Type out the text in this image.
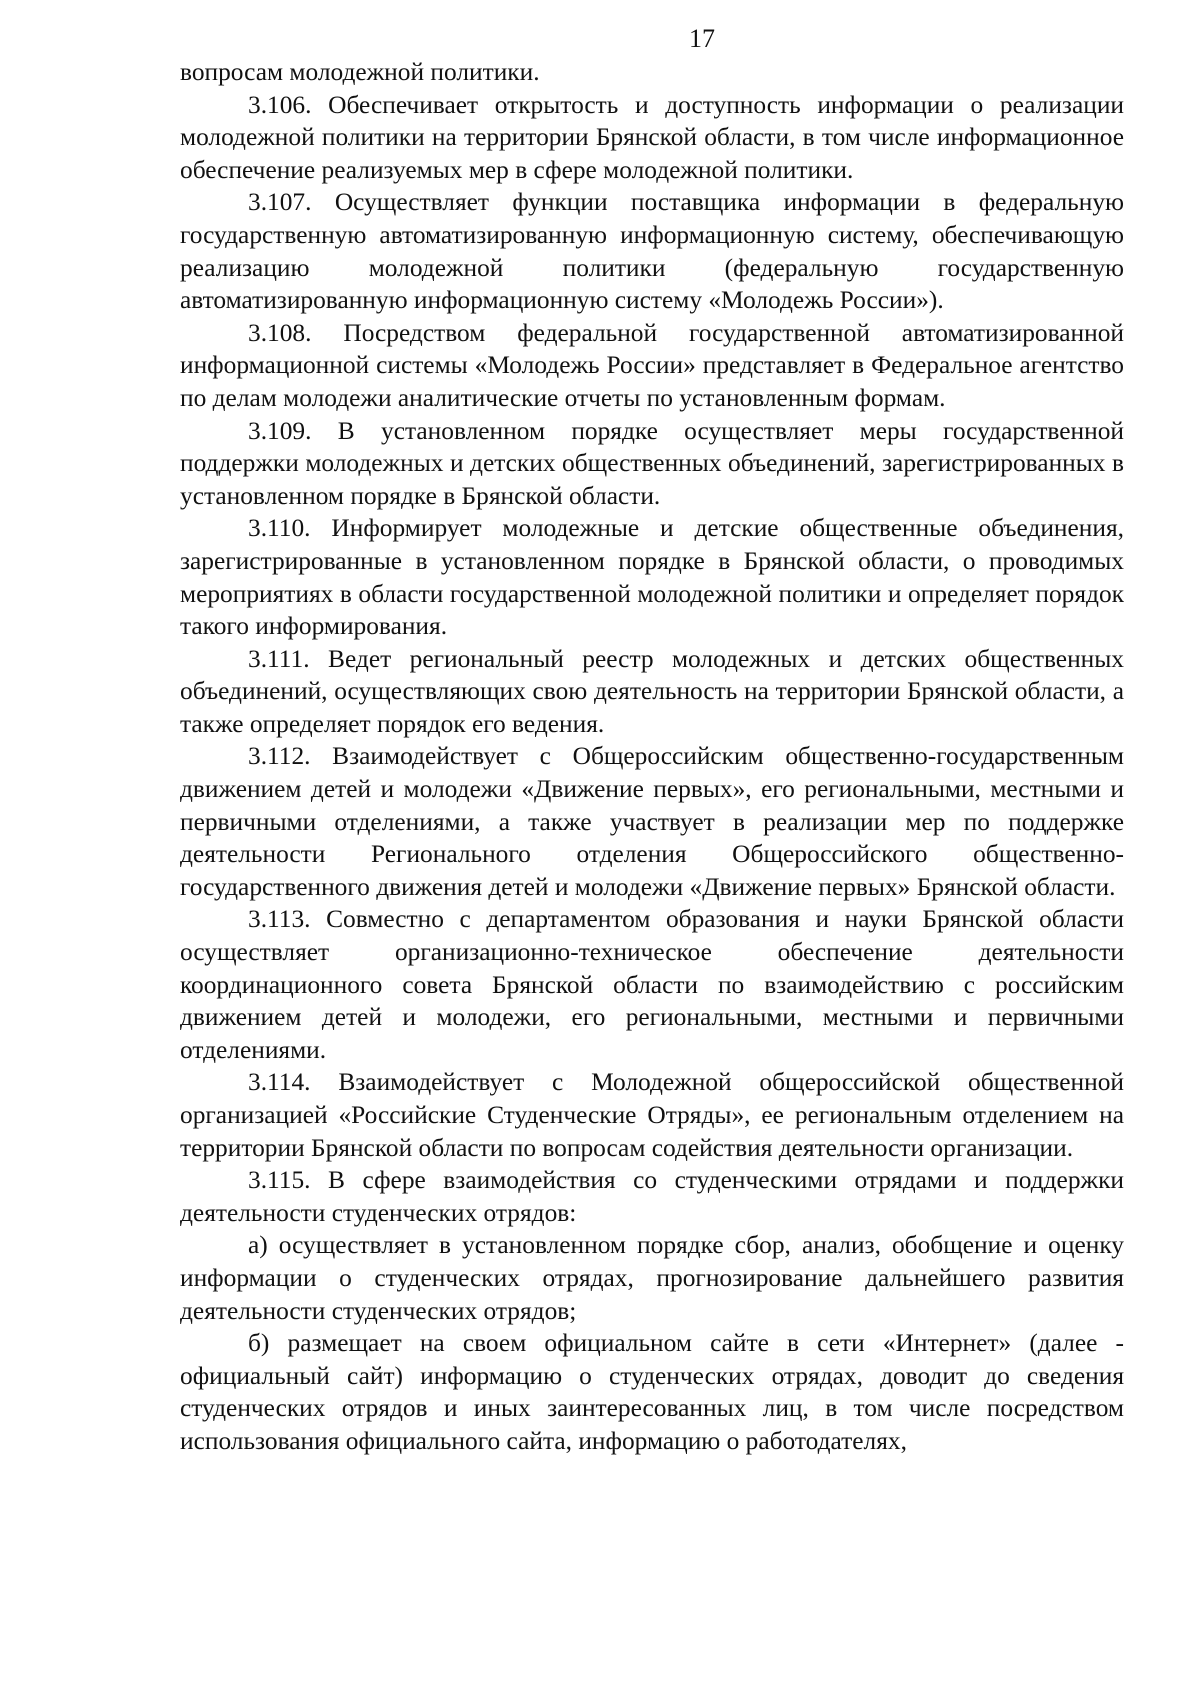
17

вопросам молодежной политики.

3.106. Обеспечивает открытость и доступность информации о реализации молодежной политики на территории Брянской области, в том числе информационное обеспечение реализуемых мер в сфере молодежной политики.

3.107. Осуществляет функции поставщика информации в федеральную государственную автоматизированную информационную систему, обеспечивающую реализацию молодежной политики (федеральную государственную автоматизированную информационную систему «Молодежь России»).

3.108. Посредством федеральной государственной автоматизированной информационной системы «Молодежь России» представляет в Федеральное агентство по делам молодежи аналитические отчеты по установленным формам.

3.109. В установленном порядке осуществляет меры государственной поддержки молодежных и детских общественных объединений, зарегистрированных в установленном порядке в Брянской области.

3.110. Информирует молодежные и детские общественные объединения, зарегистрированные в установленном порядке в Брянской области, о проводимых мероприятиях в области государственной молодежной политики и определяет порядок такого информирования.

3.111. Ведет региональный реестр молодежных и детских общественных объединений, осуществляющих свою деятельность на территории Брянской области, а также определяет порядок его ведения.

3.112. Взаимодействует с Общероссийским общественно-государственным движением детей и молодежи «Движение первых», его региональными, местными и первичными отделениями, а также участвует в реализации мер по поддержке деятельности Регионального отделения Общероссийского общественно-государственного движения детей и молодежи «Движение первых» Брянской области.

3.113. Совместно с департаментом образования и науки Брянской области осуществляет организационно-техническое обеспечение деятельности координационного совета Брянской области по взаимодействию с российским движением детей и молодежи, его региональными, местными и первичными отделениями.

3.114. Взаимодействует с Молодежной общероссийской общественной организацией «Российские Студенческие Отряды», ее региональным отделением на территории Брянской области по вопросам содействия деятельности организации.

3.115. В сфере взаимодействия со студенческими отрядами и поддержки деятельности студенческих отрядов:

а) осуществляет в установленном порядке сбор, анализ, обобщение и оценку информации о студенческих отрядах, прогнозирование дальнейшего развития деятельности студенческих отрядов;

б) размещает на своем официальном сайте в сети «Интернет» (далее - официальный сайт) информацию о студенческих отрядах, доводит до сведения студенческих отрядов и иных заинтересованных лиц, в том числе посредством использования официального сайта, информацию о работодателях,
